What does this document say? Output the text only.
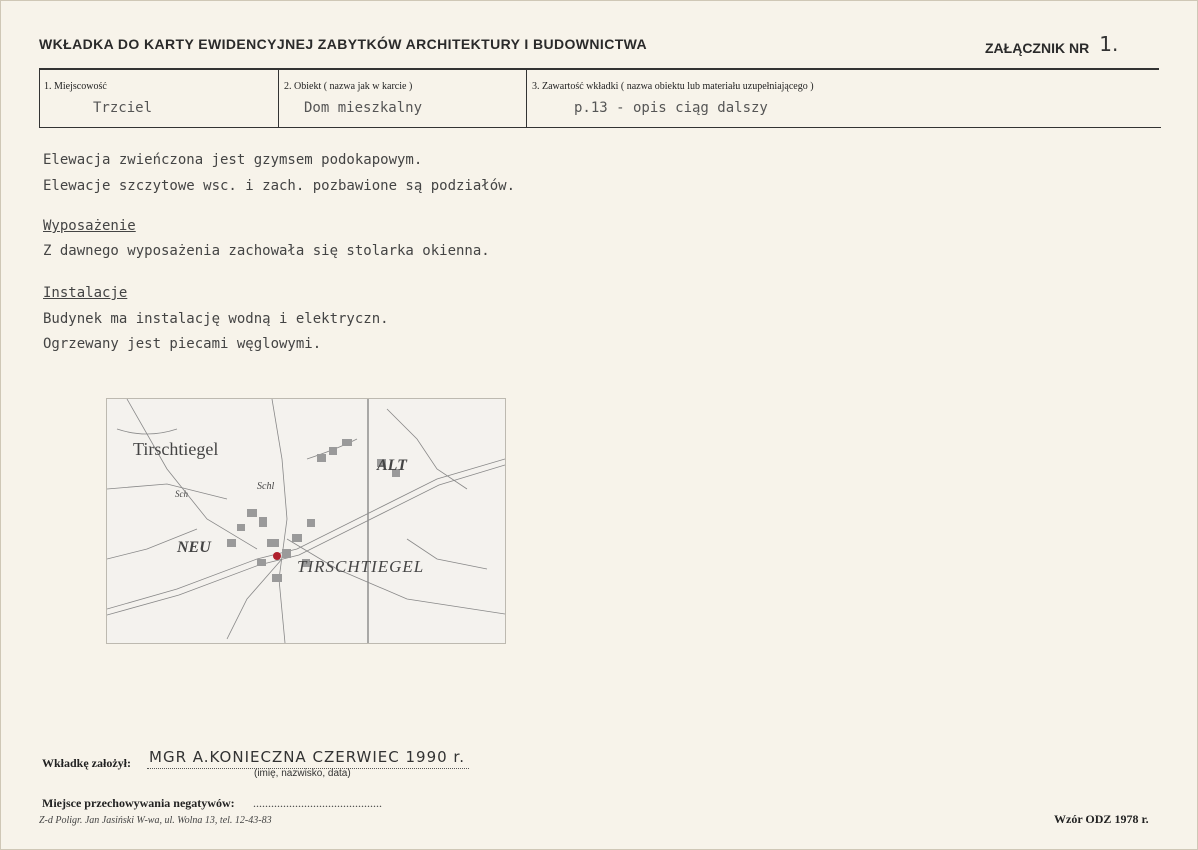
WKŁADKA DO KARTY EWIDENCYJNEJ ZABYTKÓW ARCHITEKTURY I BUDOWNICTWA	ZAŁĄCZNIK NR 1.
1. Miejscowość
Trzciel
2. Obiekt ( nazwa jak w karcie )
Dom mieszkalny
3. Zawartość wkładki ( nazwa obiektu lub materiału uzupełniającego )
p.13 - opis ciąg dalszy
Elewacja zwieńczona jest gzymsem podokapowym.
Elewacje szczytowe wsc. i zach. pozbawione są podziałów.
Wyposażenie
Z dawnego wyposażenia zachowała się stolarka okienna.
Instalacje
Budynek ma instalację wodną i elektryczn.
Ogrzewany jest piecami węglowymi.
Tirschtiegel
ALT
Schl
Sch
NEU
TIRSCHTIEGEL
Wkładkę założył: MGR A.KONIECZNA CZERWIEC 1990 r.
(imię, nazwisko, data)
Miejsce przechowywania negatywów: ...........................................
Z-d Poligr. Jan Jasiński W-wa, ul. Wolna 13, tel. 12-43-83	Wzór ODZ 1978 r.
